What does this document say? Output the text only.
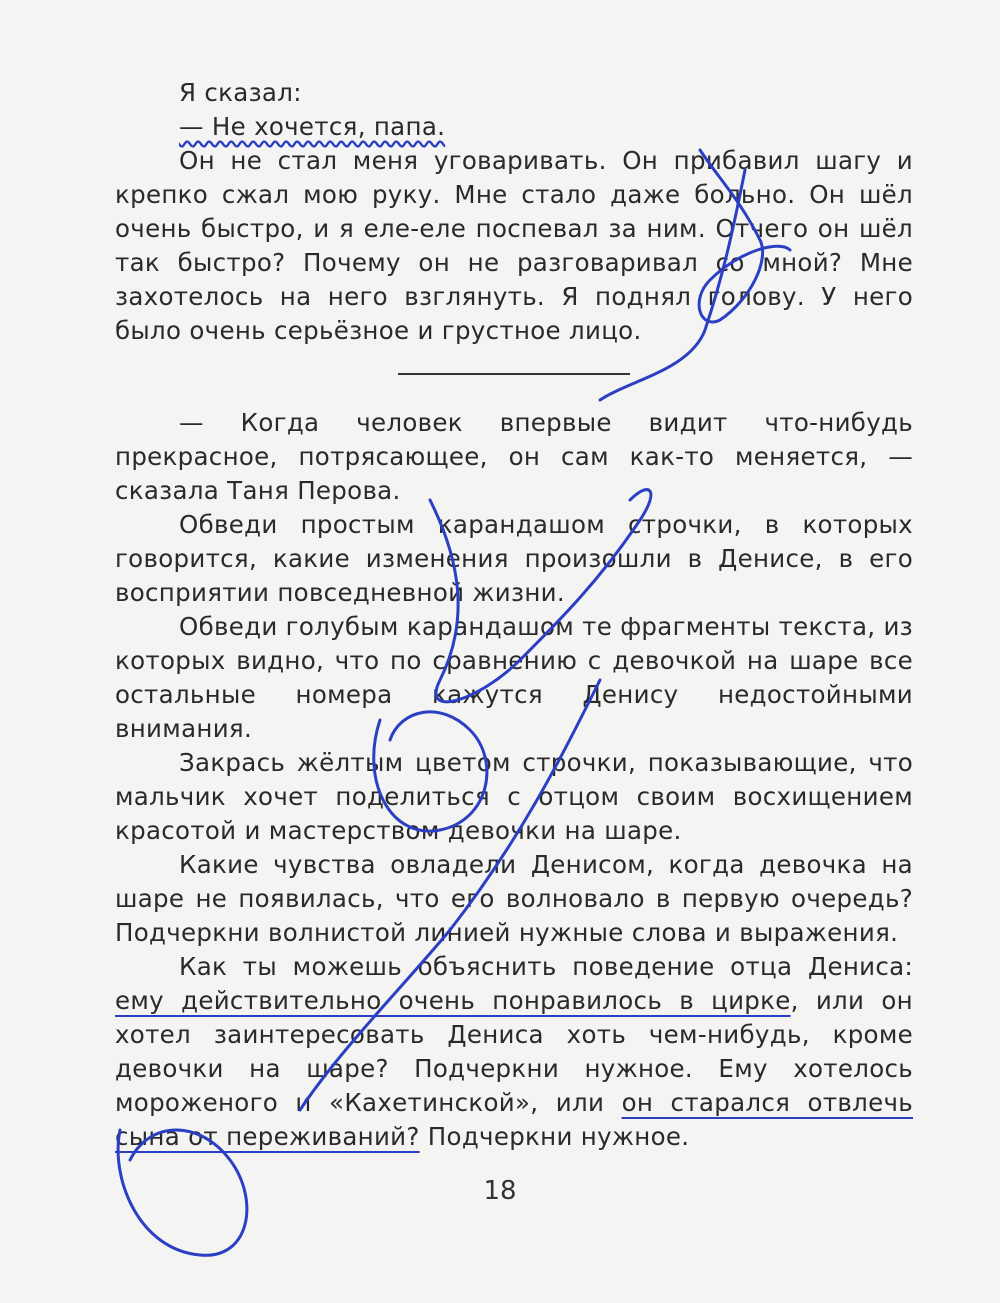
Я сказал:

— Не хочется, папа.

Он не стал меня уговаривать. Он прибавил шагу и крепко сжал мою руку. Мне стало даже больно. Он шёл очень быстро, и я еле-еле поспевал за ним. Отчего он шёл так быстро? Почему он не разговаривал со мной? Мне захотелось на него взглянуть. Я поднял голову. У него было очень серьёзное и грустное лицо.

— Когда человек впервые видит что-нибудь прекрасное, потрясающее, он сам как-то меняется, — сказала Таня Перова.

Обведи простым карандашом строчки, в которых говорится, какие изменения произошли в Денисе, в его восприятии повседневной жизни.

Обведи голубым карандашом те фрагменты текста, из которых видно, что по сравнению с девочкой на шаре все остальные номера кажутся Денису недостойными внимания.

Закрась жёлтым цветом строчки, показывающие, что мальчик хочет поделиться с отцом своим восхищением красотой и мастерством девочки на шаре.

Какие чувства овладели Денисом, когда девочка на шаре не появилась, что его волновало в первую очередь? Подчеркни волнистой линией нужные слова и выражения.

Как ты можешь объяснить поведение отца Дениса: ему действительно очень понравилось в цирке, или он хотел заинтересовать Дениса хоть чем-нибудь, кроме девочки на шаре? Подчеркни нужное. Ему хотелось мороженого и «Кахетинской», или он старался отвлечь сына от переживаний? Подчеркни нужное.

18
